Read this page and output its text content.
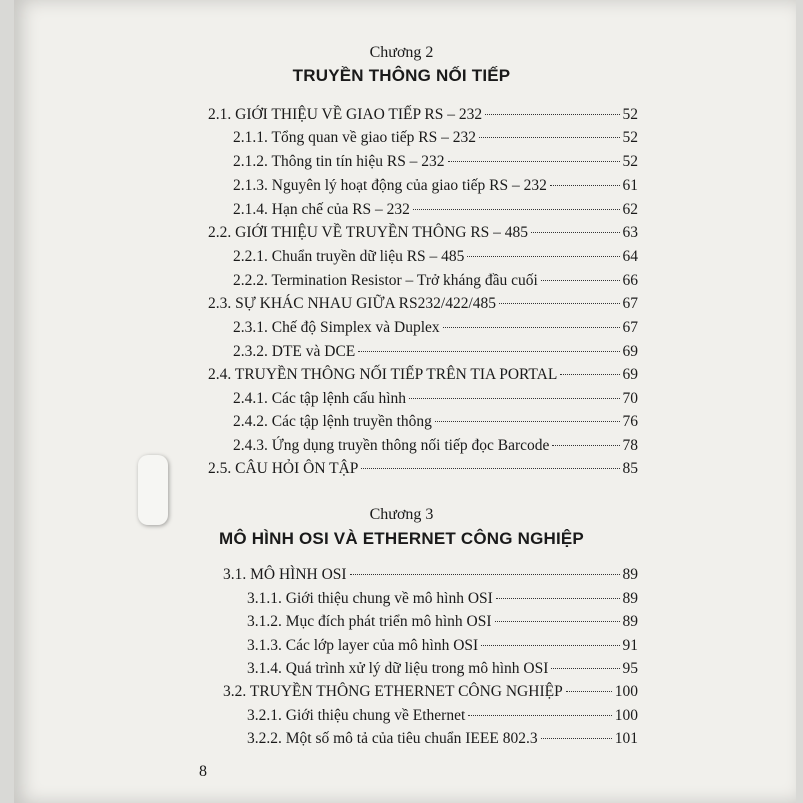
Chương 2
TRUYỀN THÔNG NỐI TIẾP
2.1. GIỚI THIỆU VỀ GIAO TIẾP RS – 232	52
2.1.1. Tổng quan về giao tiếp RS – 232	52
2.1.2. Thông tin tín hiệu RS – 232	52
2.1.3. Nguyên lý hoạt động của giao tiếp RS – 232	61
2.1.4. Hạn chế của RS – 232	62
2.2. GIỚI THIỆU VỀ TRUYỀN THÔNG RS – 485	63
2.2.1. Chuẩn truyền dữ liệu RS – 485	64
2.2.2. Termination Resistor – Trở kháng đầu cuối	66
2.3. SỰ KHÁC NHAU GIỮA RS232/422/485	67
2.3.1. Chế độ Simplex và Duplex	67
2.3.2. DTE và DCE	69
2.4. TRUYỀN THÔNG NỐI TIẾP TRÊN TIA PORTAL	69
2.4.1. Các tập lệnh cấu hình	70
2.4.2. Các tập lệnh truyền thông	76
2.4.3. Ứng dụng truyền thông nối tiếp đọc Barcode	78
2.5. CÂU HỎI ÔN TẬP	85
Chương 3
MÔ HÌNH OSI VÀ ETHERNET CÔNG NGHIỆP
3.1. MÔ HÌNH OSI	89
3.1.1. Giới thiệu chung về mô hình OSI	89
3.1.2. Mục đích phát triển mô hình OSI	89
3.1.3. Các lớp layer của mô hình OSI	91
3.1.4. Quá trình xử lý dữ liệu trong mô hình OSI	95
3.2. TRUYỀN THÔNG ETHERNET CÔNG NGHIỆP	100
3.2.1. Giới thiệu chung về Ethernet	100
3.2.2. Một số mô tả của tiêu chuẩn IEEE 802.3	101
8
